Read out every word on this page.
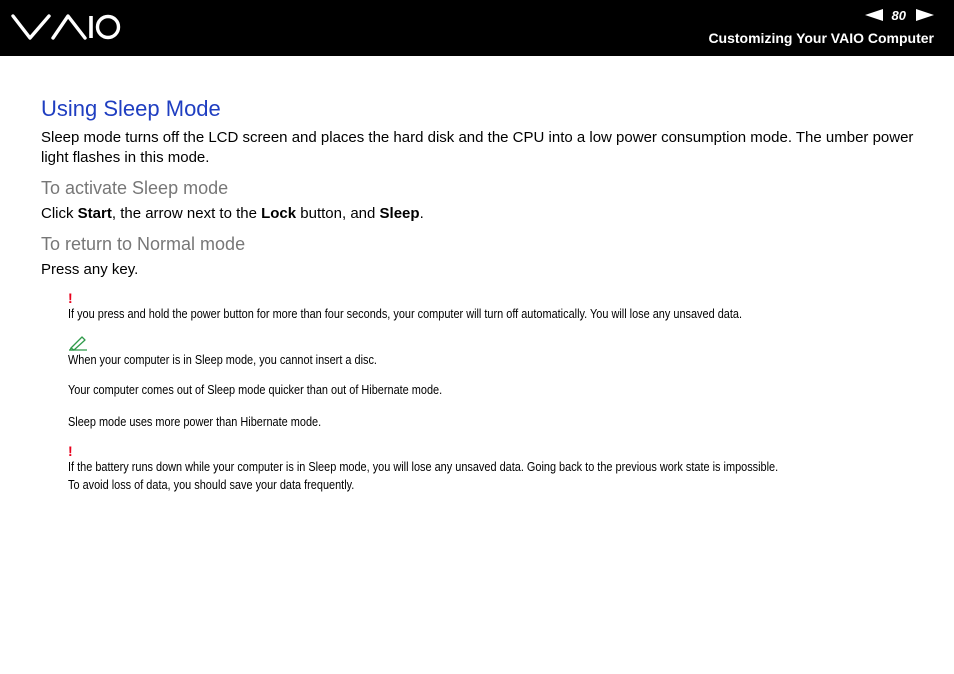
80
Customizing Your VAIO Computer
Using Sleep Mode

Sleep mode turns off the LCD screen and places the hard disk and the CPU into a low power consumption mode. The umber power light flashes in this mode.

To activate Sleep mode

Click Start, the arrow next to the Lock button, and Sleep.

To return to Normal mode

Press any key.

!
If you press and hold the power button for more than four seconds, your computer will turn off automatically. You will lose any unsaved data.
When your computer is in Sleep mode, you cannot insert a disc.
Your computer comes out of Sleep mode quicker than out of Hibernate mode.
Sleep mode uses more power than Hibernate mode.
!
If the battery runs down while your computer is in Sleep mode, you will lose any unsaved data. Going back to the previous work state is impossible.
To avoid loss of data, you should save your data frequently.
